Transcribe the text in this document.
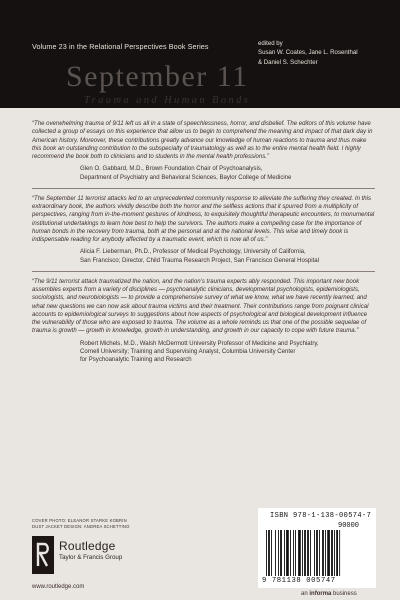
Volume 23 in the Relational Perspectives Book Series	edited by
Susan W. Coates, Jane L. Rosenthal
& Daniel S. Schechter
September 11
Trauma and Human Bonds

“The overwhelming trauma of 9/11 left us all in a state of speechlessness, horror, and disbelief. The editors of this volume have collected a group of essays on this experience that allow us to begin to comprehend the meaning and impact of that dark day in American history. Moreover, these contributions greatly advance our knowledge of human reactions to trauma and thus make this book an outstanding contribution to the subspecialty of traumatology as well as to the entire mental health field. I highly recommend the book both to clinicians and to students in the mental health professions.”

Glen O. Gabbard, M.D., Brown Foundation Chair of Psychoanalysis,
Department of Psychiatry and Behavioral Sciences, Baylor College of Medicine

“The September 11 terrorist attacks led to an unprecedented community response to alleviate the suffering they created. In this extraordinary book, the authors vividly describe both the horror and the selfless actions that it spurred from a multiplicity of perspectives, ranging from in-the-moment gestures of kindness, to exquisitely thoughtful therapeutic encounters, to monumental institutional undertakings to learn how best to help the survivors. The authors make a compelling case for the importance of human bonds in the recovery from trauma, both at the personal and at the national levels. This wise and timely book is indispensable reading for anybody affected by a traumatic event, which is now all of us.”

Alicia F. Lieberman, Ph.D., Professor of Medical Psychology, University of California,
San Francisco; Director, Child Trauma Research Project, San Francisco General Hospital

“The 9/11 terrorist attack traumatized the nation, and the nation’s trauma experts ably responded. This important new book assembles experts from a variety of disciplines — psychoanalytic clinicians, developmental psychologists, epidemiologists, sociologists, and neurobiologists — to provide a comprehensive survey of what we know, what we have recently learned, and what new questions we can now ask about trauma victims and their treatment. Their contributions range from poignant clinical accounts to epidemiological surveys to suggestions about how aspects of psychological and biological development influence the vulnerability of those who are exposed to trauma. The volume as a whole reminds us that one of the possible sequelae of trauma is growth — growth in knowledge, growth in understanding, and growth in our capacity to cope with future trauma.”

Robert Michels, M.D., Walsh McDermott University Professor of Medicine and Psychiatry,
Cornell University; Training and Supervising Analyst, Columbia University Center
for Psychoanalytic Training and Research
COVER PHOTO: ELEANOR STARKE KOBRIN
DUST JACKET DESIGN: ANDREA SCHETTINO
Routledge
Taylor & Francis Group
www.routledge.com
ISBN 978-1-138-00574-7
90000
9 781138 005747
an informa business
